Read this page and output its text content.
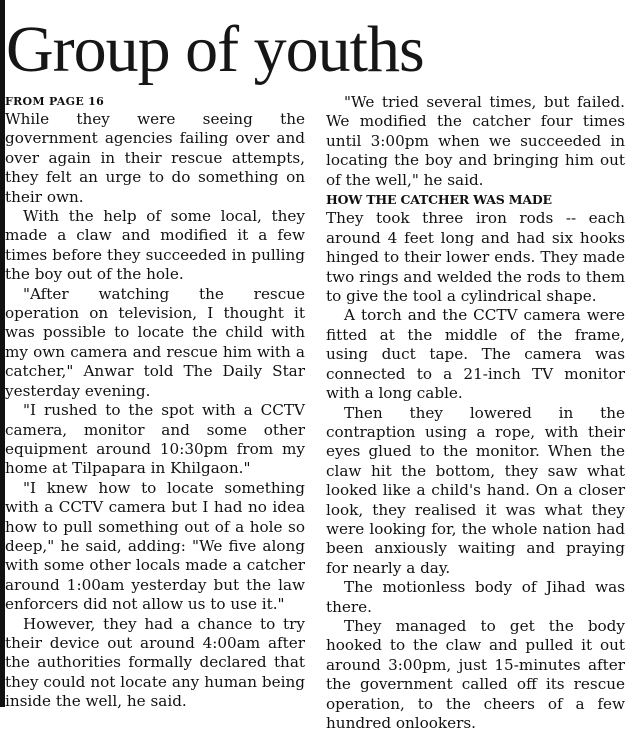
Group of youths
FROM PAGE 16

While they were seeing the government agencies failing over and over again in their rescue attempts, they felt an urge to do something on their own.

With the help of some local, they made a claw and modified it a few times before they succeeded in pulling the boy out of the hole.

"After watching the rescue operation on television, I thought it was possible to locate the child with my own camera and rescue him with a catcher," Anwar told The Daily Star yesterday evening.

"I rushed to the spot with a CCTV camera, monitor and some other equipment around 10:30pm from my home at Tilpapara in Khilgaon."

"I knew how to locate something with a CCTV camera but I had no idea how to pull something out of a hole so deep," he said, adding: "We five along with some other locals made a catcher around 1:00am yesterday but the law enforcers did not allow us to use it."

However, they had a chance to try their device out around 4:00am after the authorities formally declared that they could not locate any human being inside the well, he said.

"We tried several times, but failed. We modified the catcher four times until 3:00pm when we succeeded in locating the boy and bringing him out of the well," he said.

HOW THE CATCHER WAS MADE

They took three iron rods -- each around 4 feet long and had six hooks hinged to their lower ends. They made two rings and welded the rods to them to give the tool a cylindrical shape.

A torch and the CCTV camera were fitted at the middle of the frame, using duct tape. The camera was connected to a 21-inch TV monitor with a long cable.

Then they lowered in the contraption using a rope, with their eyes glued to the monitor. When the claw hit the bottom, they saw what looked like a child's hand. On a closer look, they realised it was what they were looking for, the whole nation had been anxiously waiting and praying for nearly a day.

The motionless body of Jihad was there.

They managed to get the body hooked to the claw and pulled it out around 3:00pm, just 15-minutes after the government called off its rescue operation, to the cheers of a few hundred onlookers.
